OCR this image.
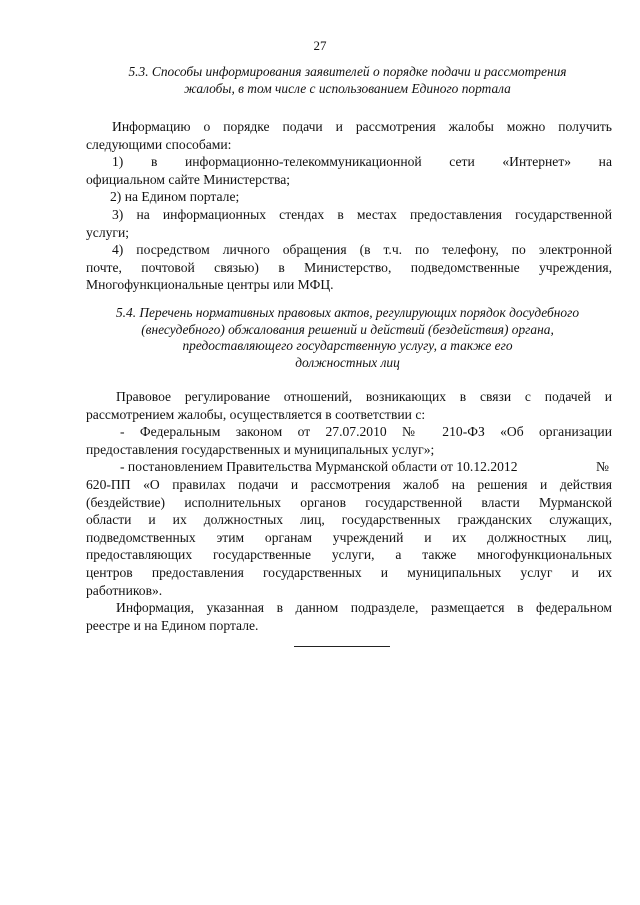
27
5.3. Способы информирования заявителей о порядке подачи и рассмотрения
жалобы, в том числе с использованием Единого портала
Информацию о порядке подачи и рассмотрения жалобы можно получить
следующими способами:
1) в информационно-телекоммуникационной сети «Интернет» на
официальном сайте Министерства;
2) на Едином портале;
3) на информационных стендах в местах предоставления государственной
услуги;
4) посредством личного обращения (в т.ч. по телефону, по электронной
почте, почтовой связью) в Министерство, подведомственные учреждения,
Многофункциональные центры или МФЦ.
5.4. Перечень нормативных правовых актов, регулирующих порядок досудебного
(внесудебного) обжалования решений и действий (бездействия) органа,
предоставляющего государственную услугу, а также его
должностных лиц
Правовое регулирование отношений, возникающих в связи с подачей и
рассмотрением жалобы, осуществляется в соответствии с:
- Федеральным законом от 27.07.2010 № 210-ФЗ «Об организации
предоставления государственных и муниципальных услуг»;
- постановлением Правительства Мурманской области от 10.12.2012	№
620-ПП «О правилах подачи и рассмотрения жалоб на решения и действия
(бездействие) исполнительных органов государственной власти Мурманской
области и их должностных лиц, государственных гражданских служащих,
подведомственных этим органам учреждений и их должностных лиц,
предоставляющих государственные услуги, а также многофункциональных
центров предоставления государственных и муниципальных услуг и их
работников».
Информация, указанная в данном подразделе, размещается в федеральном
реестре и на Едином портале.
